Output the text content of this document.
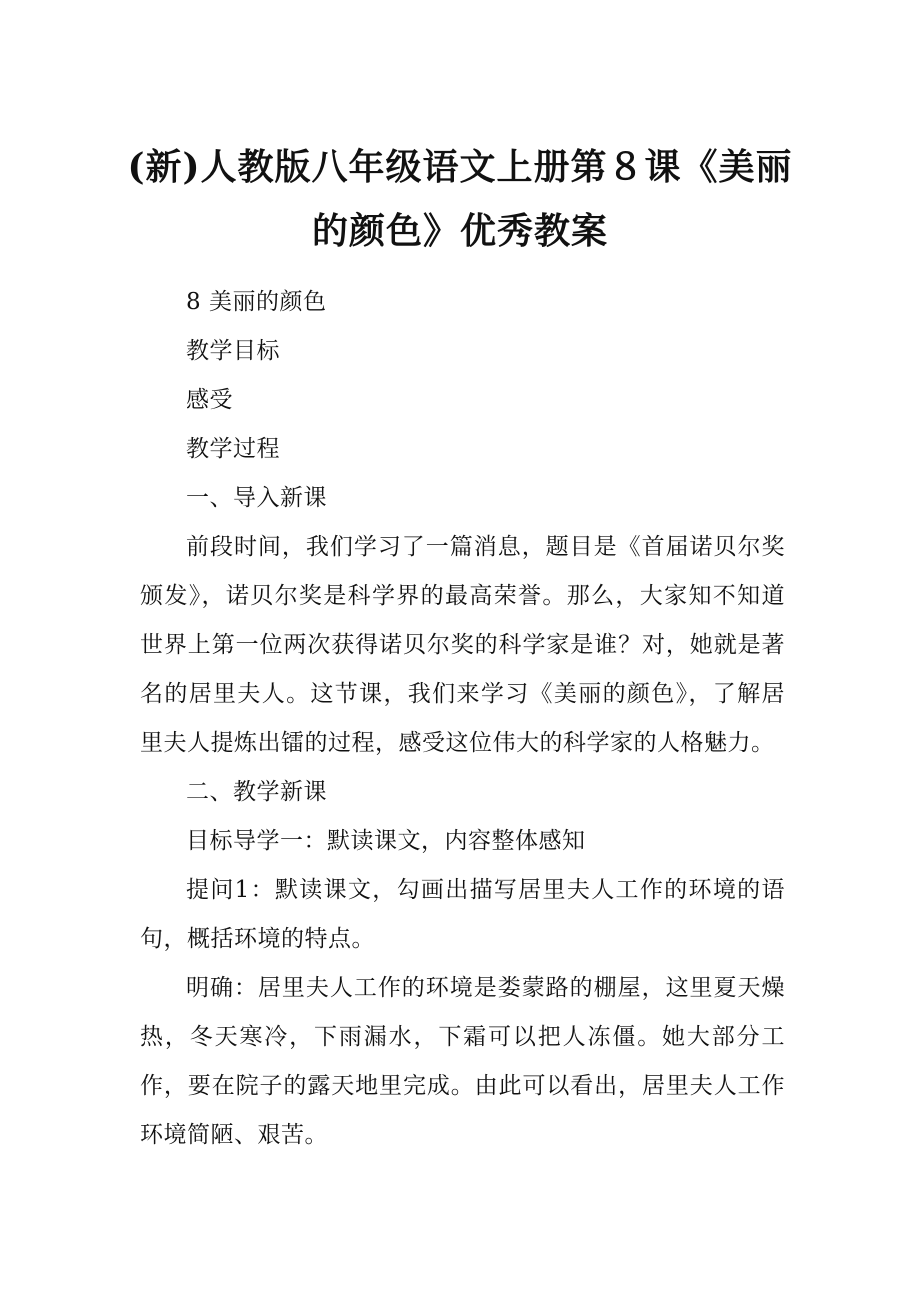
(新)人教版八年级语文上册第８课《美丽的颜色》优秀教案

8 美丽的颜色

教学目标

感受

教学过程

一、导入新课

前段时间，我们学习了一篇消息，题目是《首届诺贝尔奖颁发》，诺贝尔奖是科学界的最高荣誉。那么，大家知不知道世界上第一位两次获得诺贝尔奖的科学家是谁？对，她就是著名的居里夫人。这节课，我们来学习《美丽的颜色》，了解居里夫人提炼出镭的过程，感受这位伟大的科学家的人格魅力。

二、教学新课

目标导学一：默读课文，内容整体感知

提问1：默读课文，勾画出描写居里夫人工作的环境的语句，概括环境的特点。

明确：居里夫人工作的环境是娄蒙路的棚屋，这里夏天燥热，冬天寒冷，下雨漏水，下霜可以把人冻僵。她大部分工作，要在院子的露天地里完成。由此可以看出，居里夫人工作环境简陋、艰苦。
